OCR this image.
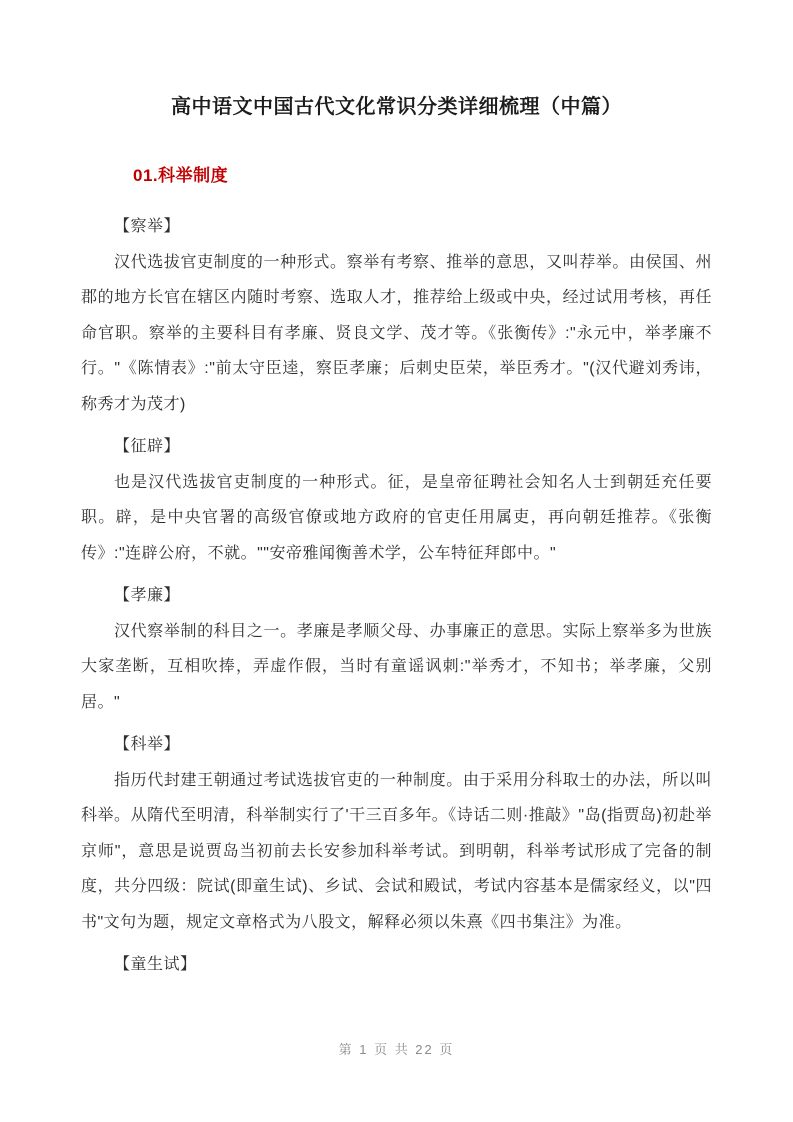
高中语文中国古代文化常识分类详细梳理（中篇）
01.科举制度
【察举】

汉代选拔官吏制度的一种形式。察举有考察、推举的意思，又叫荐举。由侯国、州郡的地方长官在辖区内随时考察、选取人才，推荐给上级或中央，经过试用考核，再任命官职。察举的主要科目有孝廉、贤良文学、茂才等。《张衡传》:"永元中，举孝廉不行。"《陈情表》:"前太守臣逵，察臣孝廉；后刺史臣荣，举臣秀才。"(汉代避刘秀讳，称秀才为茂才)

【征辟】

也是汉代选拔官吏制度的一种形式。征，是皇帝征聘社会知名人士到朝廷充任要职。辟，是中央官署的高级官僚或地方政府的官吏任用属吏，再向朝廷推荐。《张衡传》:"连辟公府，不就。""安帝雅闻衡善术学，公车特征拜郎中。"

【孝廉】

汉代察举制的科目之一。孝廉是孝顺父母、办事廉正的意思。实际上察举多为世族大家垄断，互相吹捧，弄虚作假，当时有童谣讽刺:"举秀才，不知书；举孝廉，父别居。"

【科举】

指历代封建王朝通过考试选拔官吏的一种制度。由于采用分科取士的办法，所以叫科举。从隋代至明清，科举制实行了'干三百多年。《诗话二则·推敲》"岛(指贾岛)初赴举京师"，意思是说贾岛当初前去长安参加科举考试。到明朝，科举考试形成了完备的制度，共分四级：院试(即童生试)、乡试、会试和殿试，考试内容基本是儒家经义，以"四书"文句为题，规定文章格式为八股文，解释必须以朱熹《四书集注》为准。

【童生试】
第 1 页 共 22 页
